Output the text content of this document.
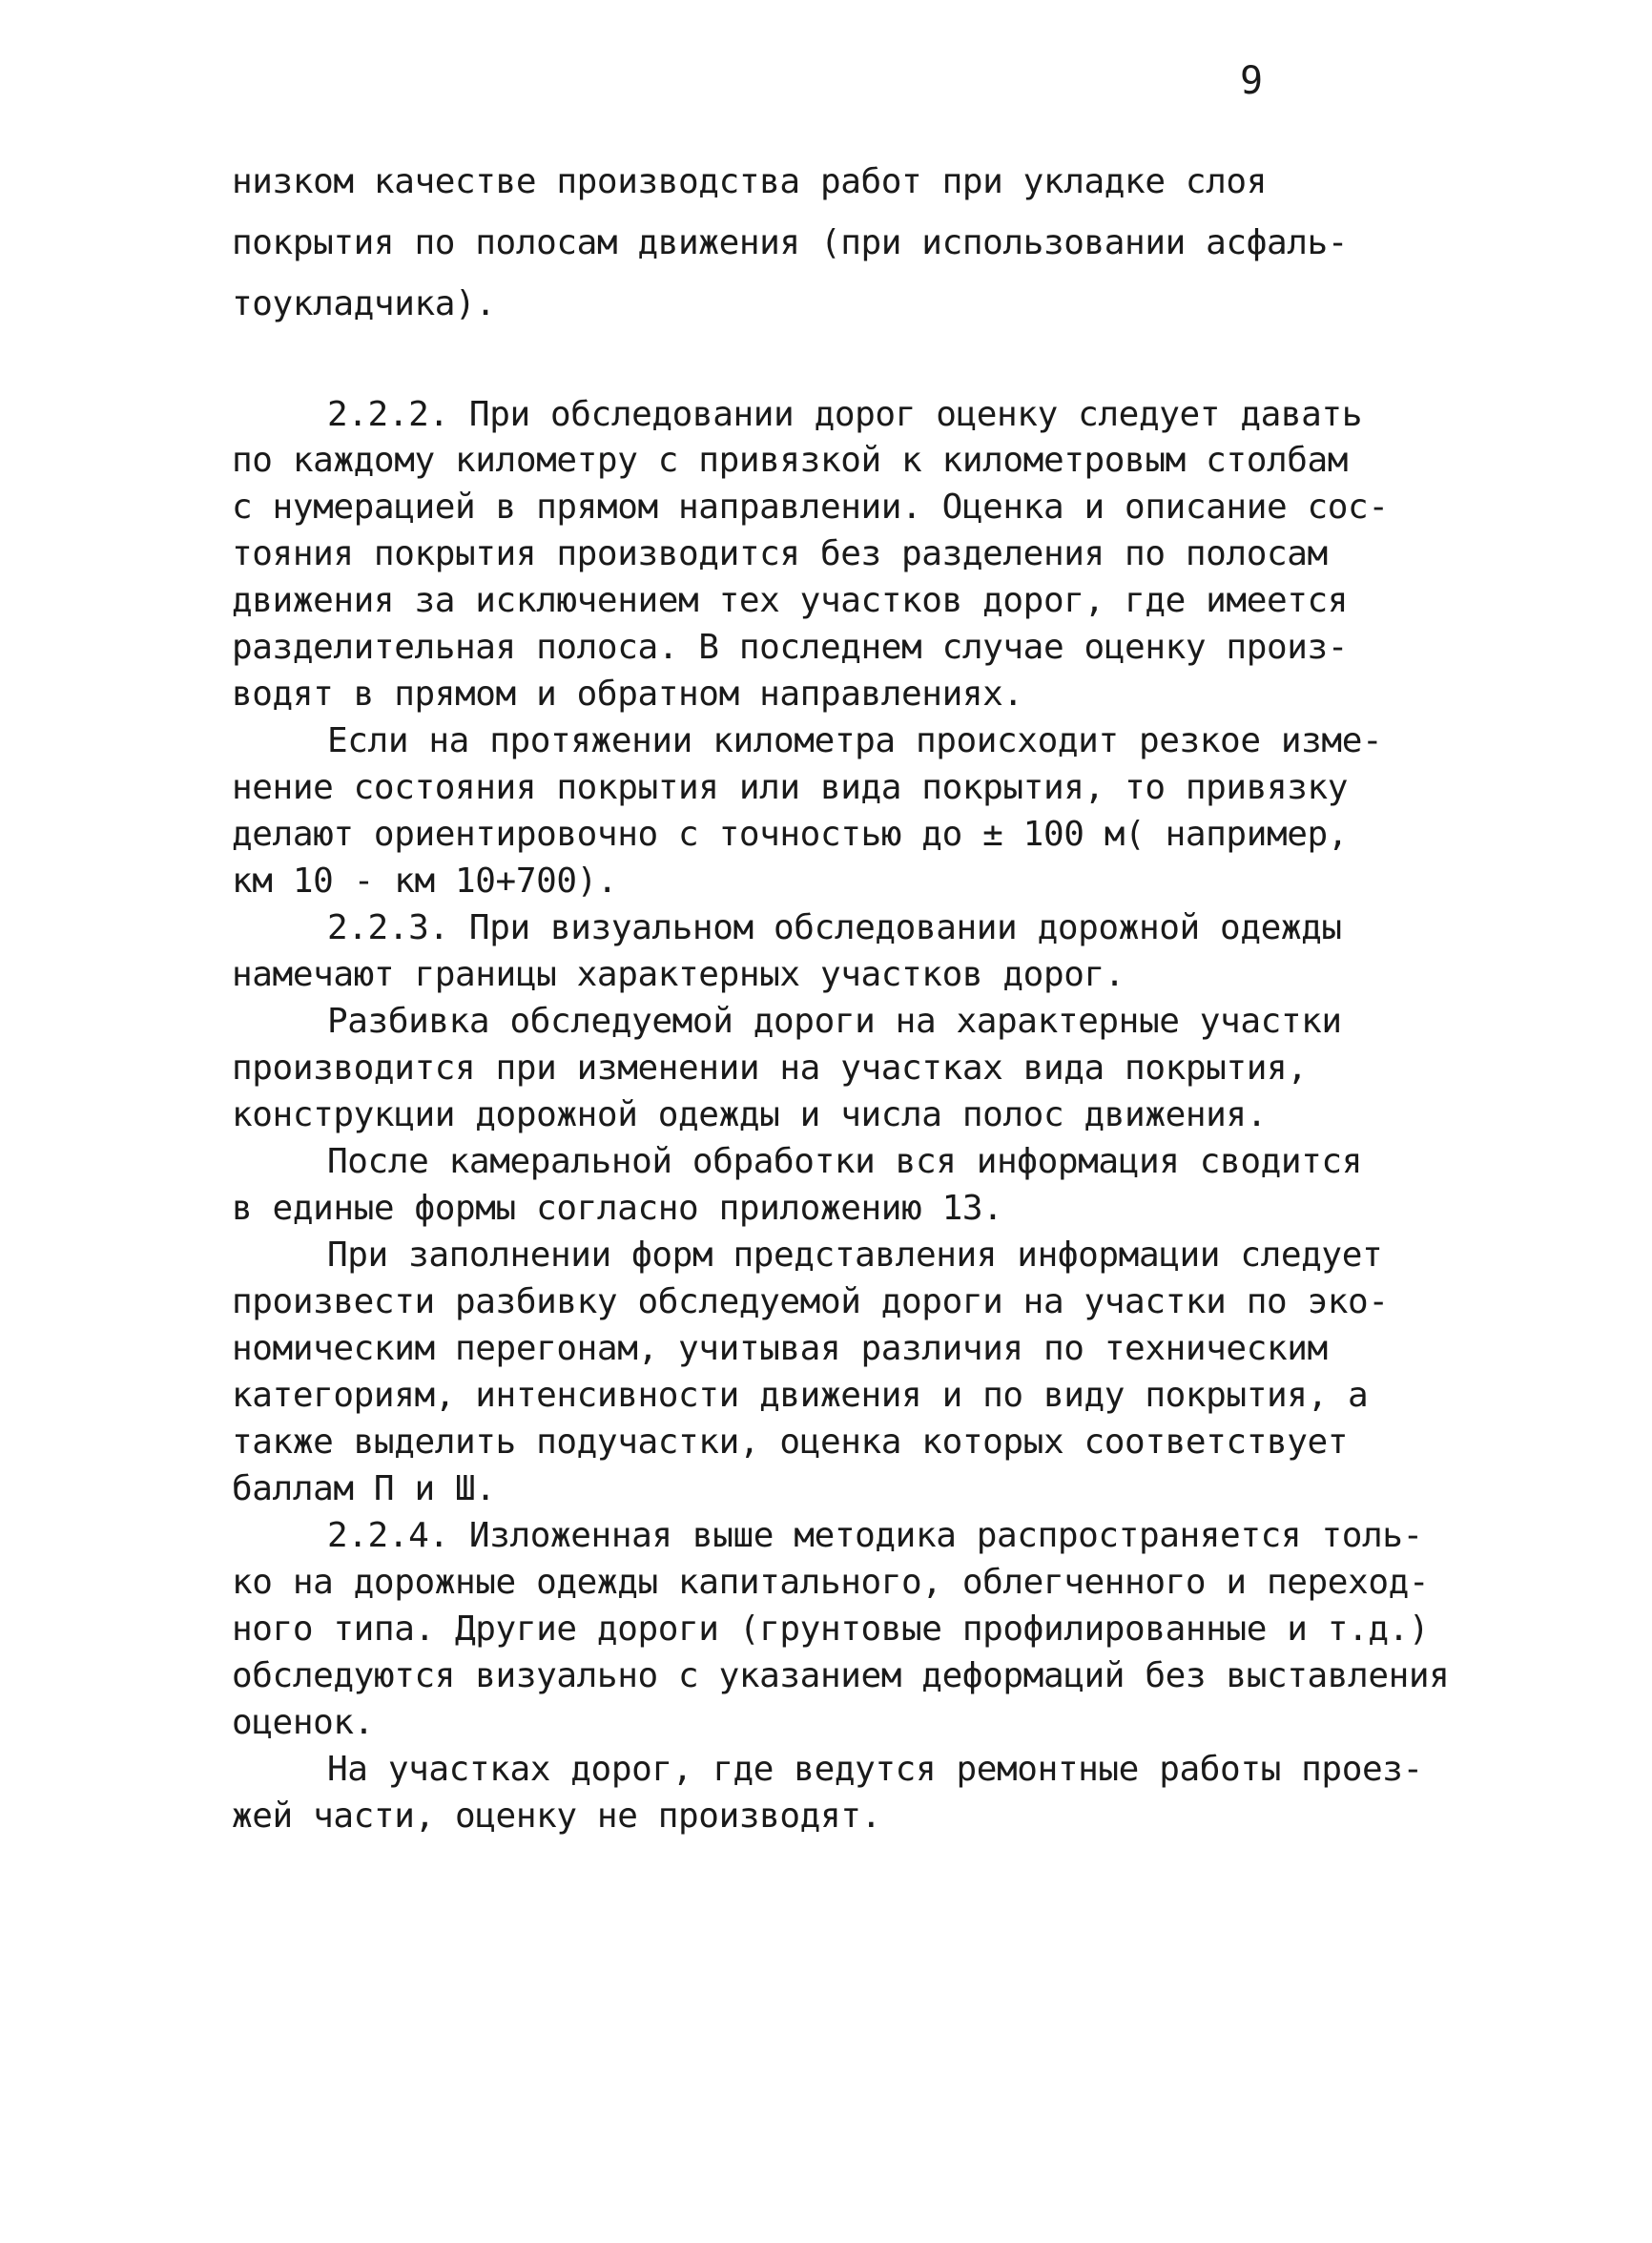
9
низком качестве производства работ при укладке слоя
покрытия по полосам движения (при использовании асфаль-
тоукладчика).
2.2.2. При обследовании дорог оценку следует давать
по каждому километру с привязкой к километровым столбам
с нумерацией в прямом направлении. Оценка и описание сос-
тояния покрытия производится без разделения по полосам
движения за исключением тех участков дорог, где имеется
разделительная полоса. В последнем случае оценку произ-
водят в прямом и обратном направлениях.
Если на протяжении километра происходит резкое изме-
нение состояния покрытия или вида покрытия, то привязку
делают ориентировочно с точностью до ± 100 м( например,
км 10 - км 10+700).
2.2.3. При визуальном обследовании дорожной одежды
намечают границы характерных участков дорог.
Разбивка обследуемой дороги на характерные участки
производится при изменении на участках вида покрытия,
конструкции дорожной одежды и числа полос движения.
После камеральной обработки вся информация сводится
в единые формы согласно приложению 13.
При заполнении форм представления информации следует
произвести разбивку обследуемой дороги на участки по эко-
номическим перегонам, учитывая различия по техническим
категориям, интенсивности движения и по виду покрытия, а
также выделить подучастки, оценка которых соответствует
баллам П и Ш.
2.2.4. Изложенная выше методика распространяется толь-
ко на дорожные одежды капитального, облегченного и переход-
ного типа. Другие дороги (грунтовые профилированные и т.д.)
обследуются визуально с указанием деформаций без выставления
оценок.
На участках дорог, где ведутся ремонтные работы проез-
жей части, оценку не производят.
